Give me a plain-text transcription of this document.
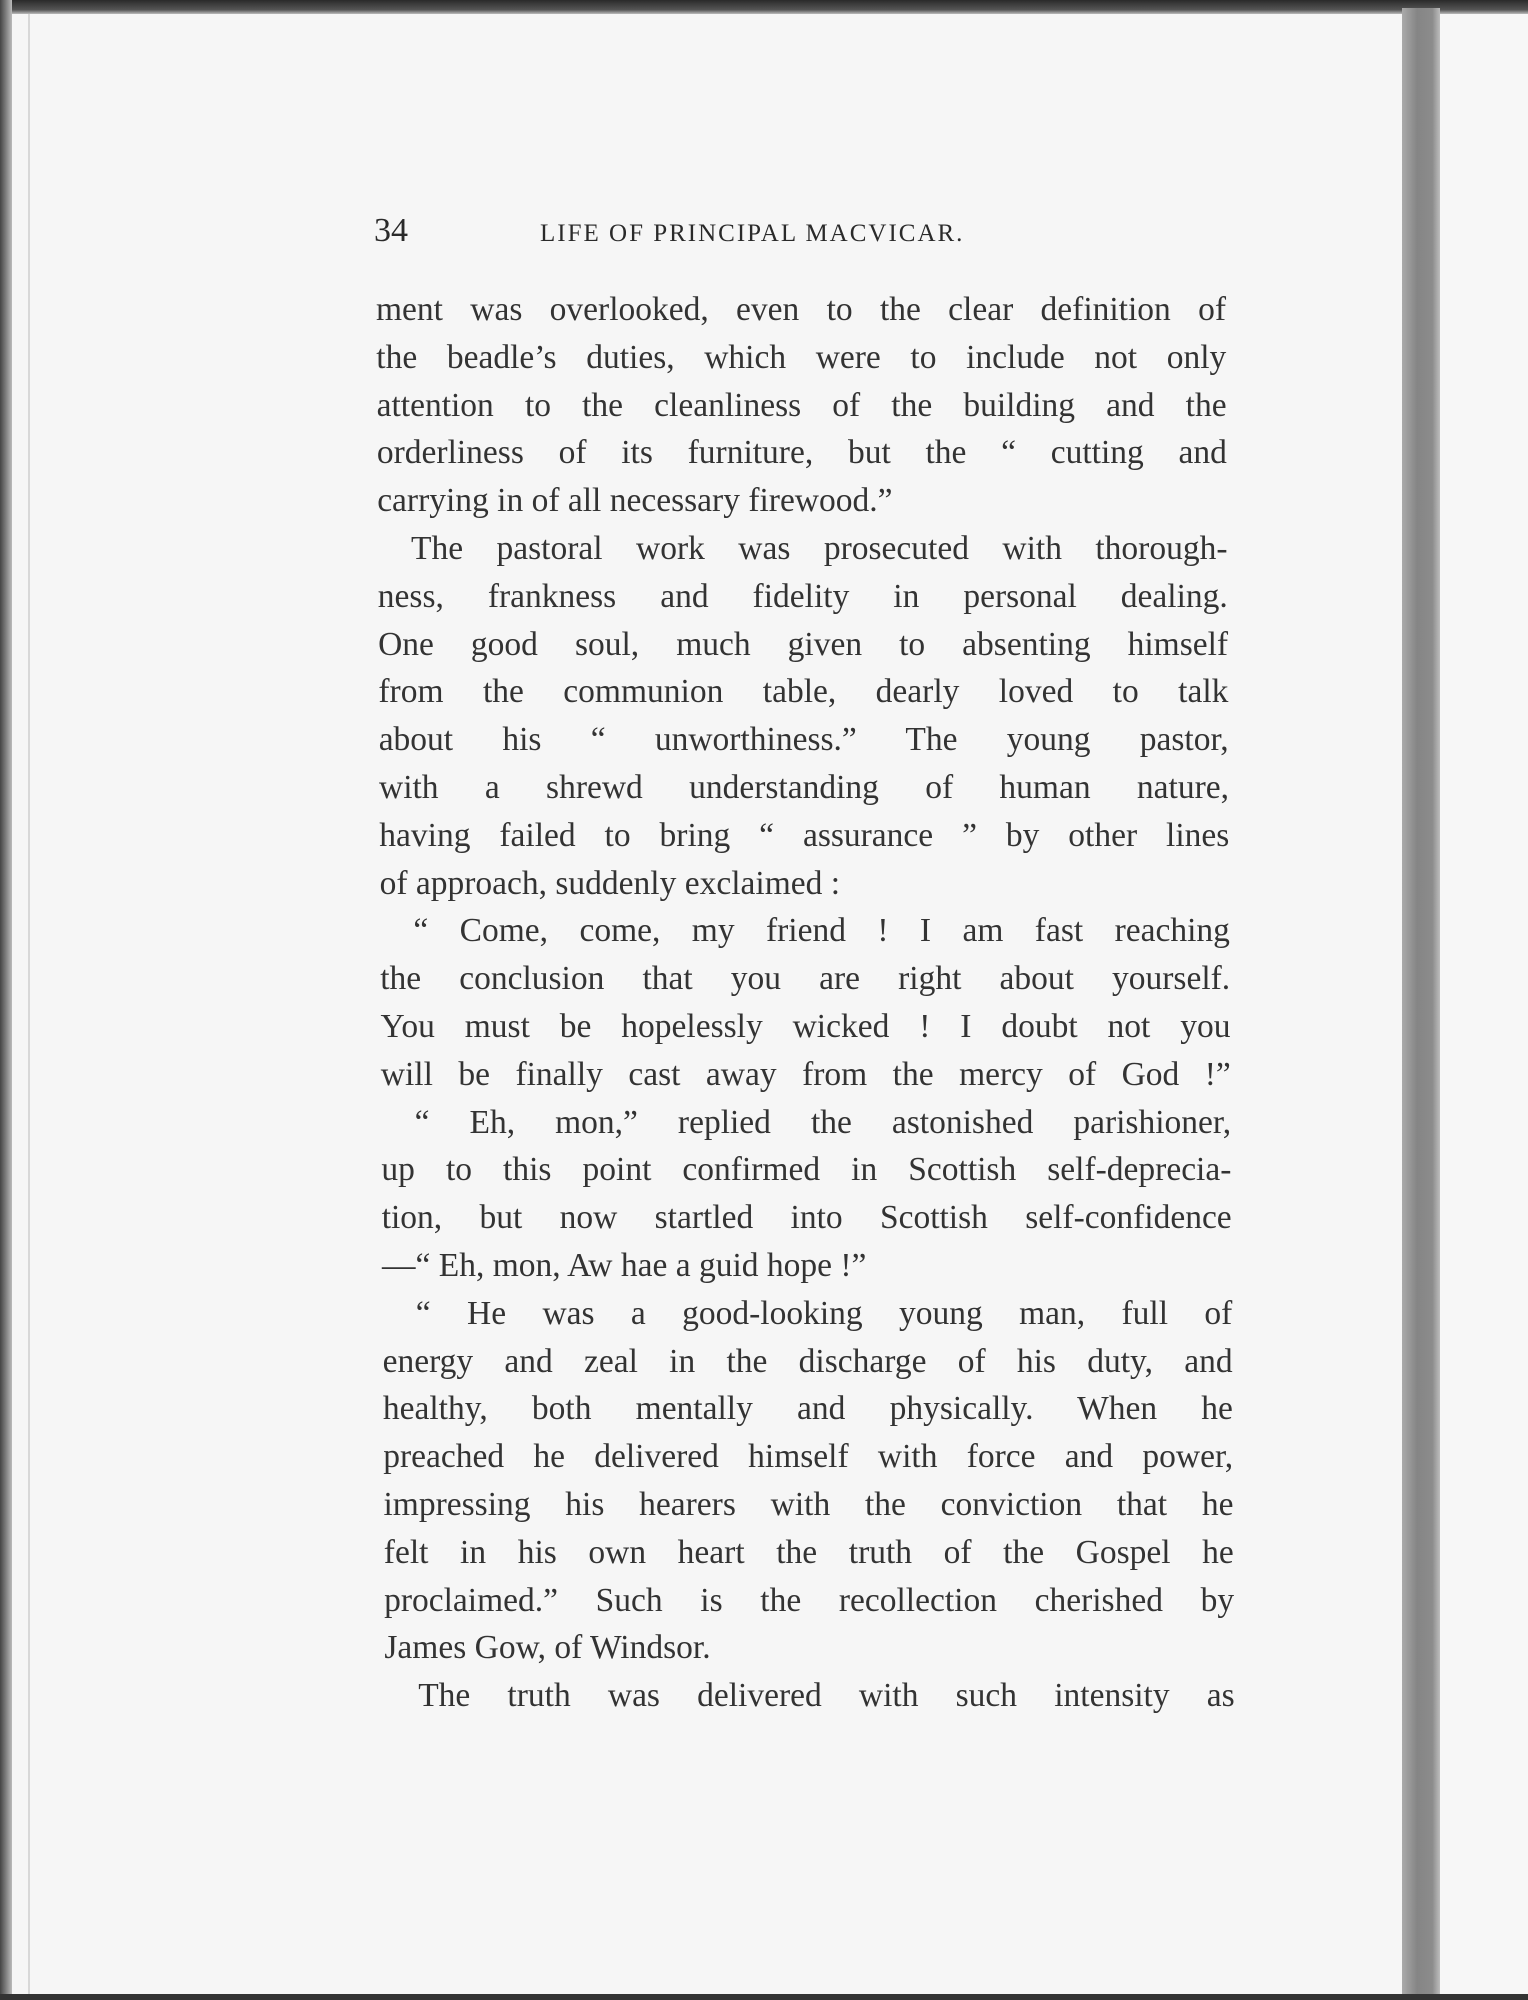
34	LIFE OF PRINCIPAL MACVICAR.
ment was overlooked, even to the clear definition of
the beadle’s duties, which were to include not only
attention to the cleanliness of the building and the
orderliness of its furniture, but the “ cutting and
carrying in of all necessary firewood.”
 The pastoral work was prosecuted with thorough-
ness, frankness and fidelity in personal dealing.
One good soul, much given to absenting himself
from the communion table, dearly loved to talk
about his “ unworthiness.” The young pastor,
with a shrewd understanding of human nature,
having failed to bring “ assurance ” by other lines
of approach, suddenly exclaimed :
 “ Come, come, my friend ! I am fast reaching
the conclusion that you are right about yourself.
You must be hopelessly wicked ! I doubt not you
will be finally cast away from the mercy of God !”
 “ Eh, mon,” replied the astonished parishioner,
up to this point confirmed in Scottish self-deprecia-
tion, but now startled into Scottish self-confidence
—“ Eh, mon, Aw hae a guid hope !”
 “ He was a good-looking young man, full of
energy and zeal in the discharge of his duty, and
healthy, both mentally and physically. When he
preached he delivered himself with force and power,
impressing his hearers with the conviction that he
felt in his own heart the truth of the Gospel he
proclaimed.” Such is the recollection cherished by
James Gow, of Windsor.
 The truth was delivered with such intensity as
